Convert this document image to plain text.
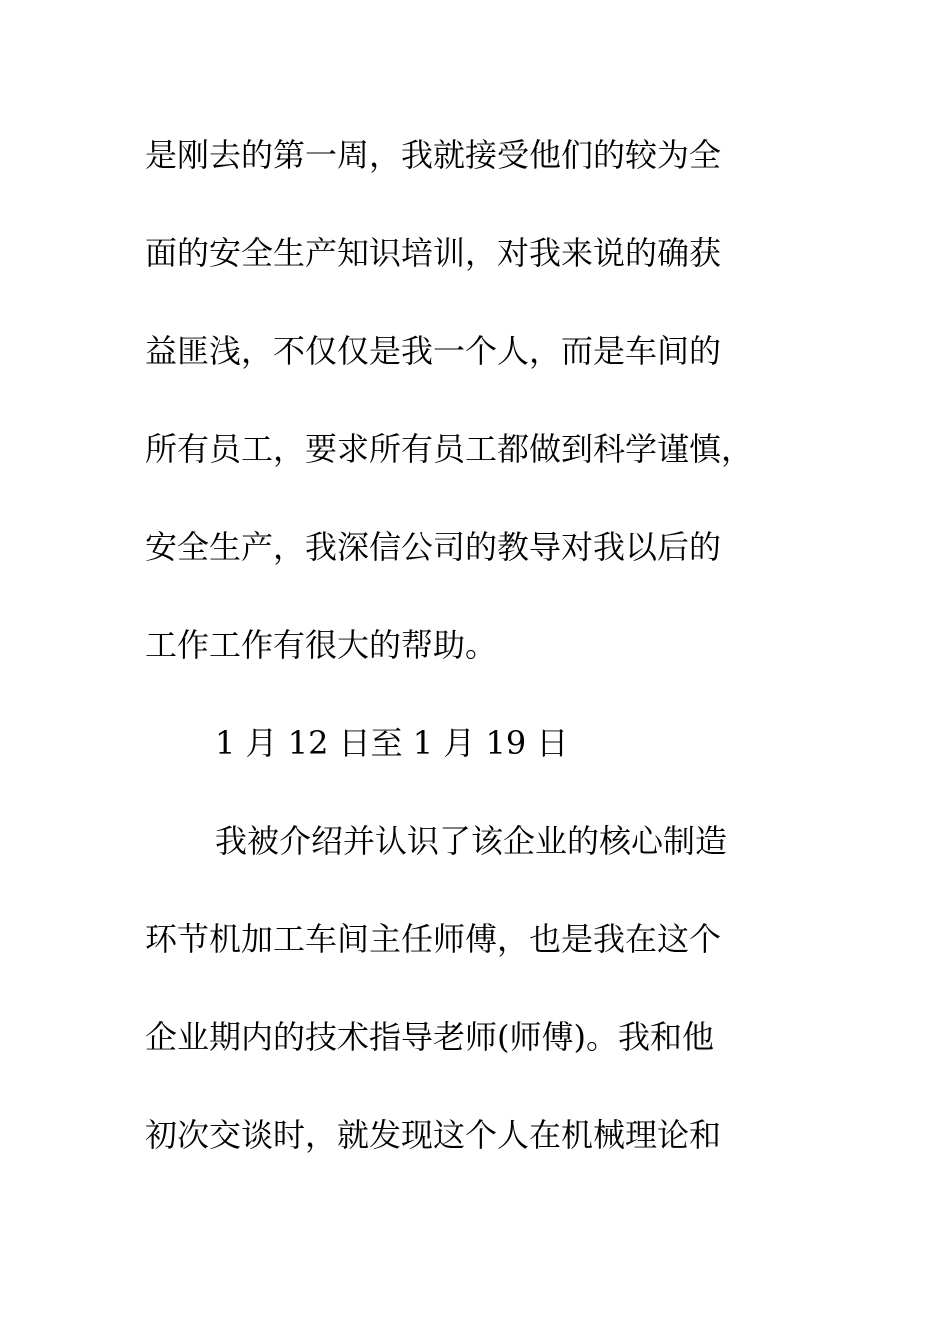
是刚去的第一周，我就接受他们的较为全
面的安全生产知识培训，对我来说的确获
益匪浅，不仅仅是我一个人，而是车间的
所有员工，要求所有员工都做到科学谨慎，
安全生产，我深信公司的教导对我以后的
工作工作有很大的帮助。
1 月 12 日至 1 月 19 日
我被介绍并认识了该企业的核心制造
环节机加工车间主任师傅，也是我在这个
企业期内的技术指导老师(师傅)。我和他
初次交谈时，就发现这个人在机械理论和
